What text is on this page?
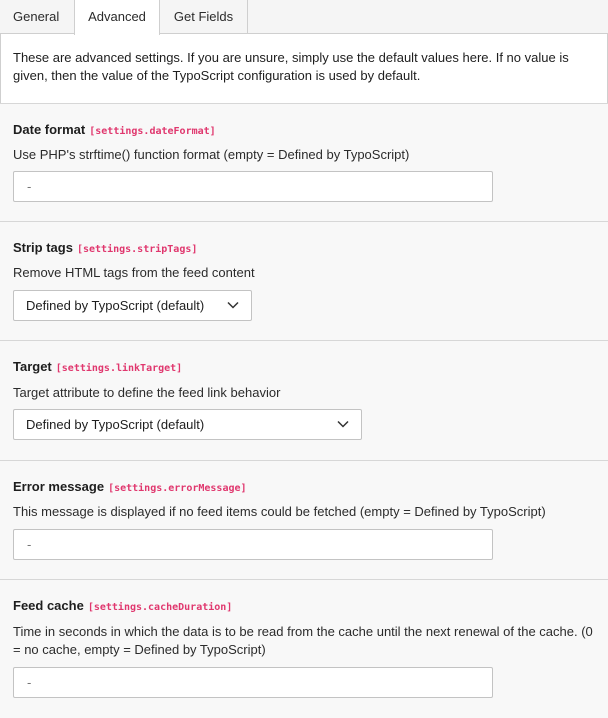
General	Advanced	Get Fields
These are advanced settings. If you are unsure, simply use the default values here. If no value is given, then the value of the TypoScript configuration is used by default.
Date format [settings.dateFormat]
Use PHP's strftime() function format (empty = Defined by TypoScript)
-
Strip tags [settings.stripTags]
Remove HTML tags from the feed content
Defined by TypoScript (default)
Target [settings.linkTarget]
Target attribute to define the feed link behavior
Defined by TypoScript (default)
Error message [settings.errorMessage]
This message is displayed if no feed items could be fetched (empty = Defined by TypoScript)
-
Feed cache [settings.cacheDuration]
Time in seconds in which the data is to be read from the cache until the next renewal of the cache. (0 = no cache, empty = Defined by TypoScript)
-
